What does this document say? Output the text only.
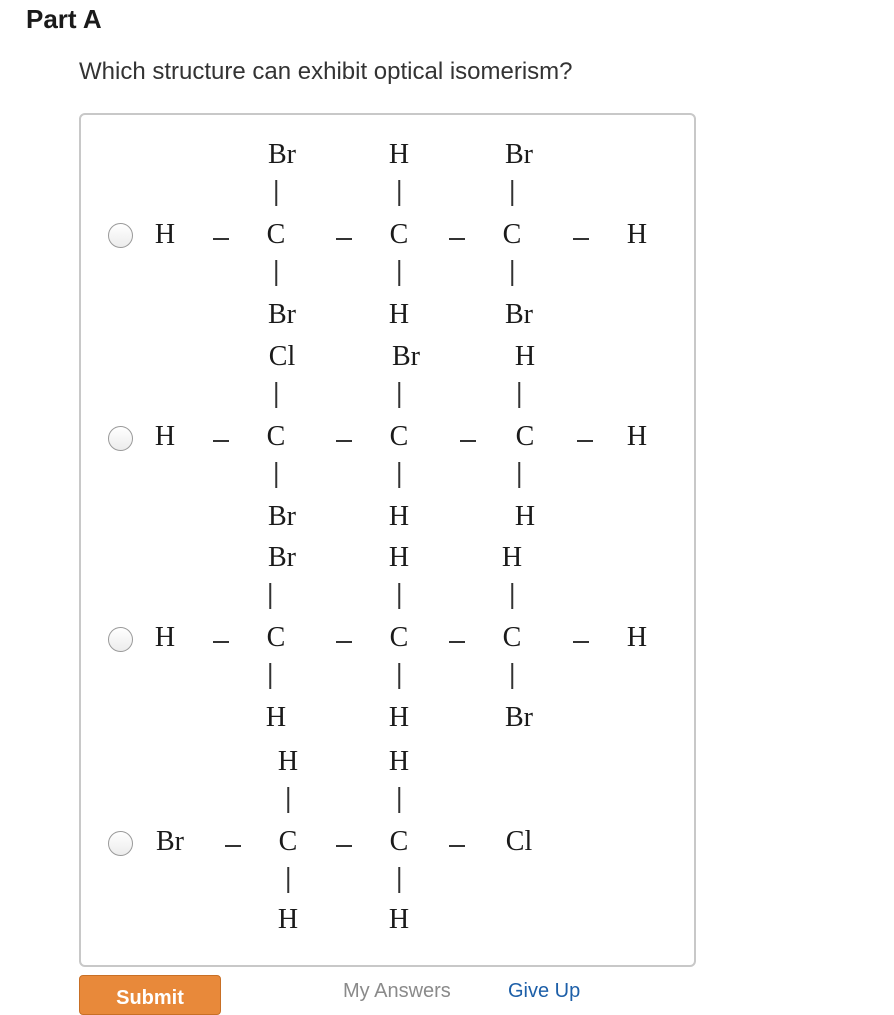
Part A

Which structure can exhibit optical isomerism?

H
Br
C
Br
H
C
H
Br
C
Br
H
H
Cl
C
Br
Br
C
H
H
C
H
H
H
Br
C
H
H
C
H
H
C
Br
H
Br
H
C
H
H
C
H
Cl
Submit	My Answers	Give Up
